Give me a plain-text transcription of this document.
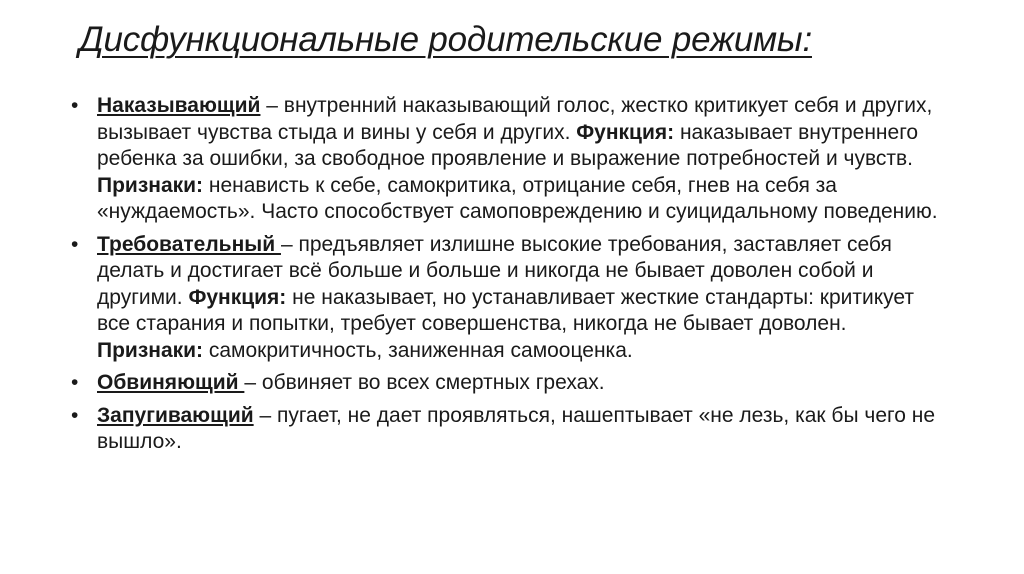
Дисфункциональные родительские режимы:
• Наказывающий – внутренний наказывающий голос, жестко критикует себя и других, вызывает чувства стыда и вины у себя и других. Функция: наказывает внутреннего ребенка за ошибки, за свободное проявление и выражение потребностей и чувств. Признаки: ненависть к себе, самокритика, отрицание себя, гнев на себя за «нуждаемость». Часто способствует самоповреждению и суицидальному поведению.
• Требовательный – предъявляет излишне высокие требования, заставляет себя делать и достигает всё больше и больше и никогда не бывает доволен собой и другими. Функция: не наказывает, но устанавливает жесткие стандарты: критикует все старания и попытки, требует совершенства, никогда не бывает доволен. Признаки: самокритичность, заниженная самооценка.
• Обвиняющий – обвиняет во всех смертных грехах.
• Запугивающий – пугает, не дает проявляться, нашептывает «не лезь, как бы чего не вышло».
